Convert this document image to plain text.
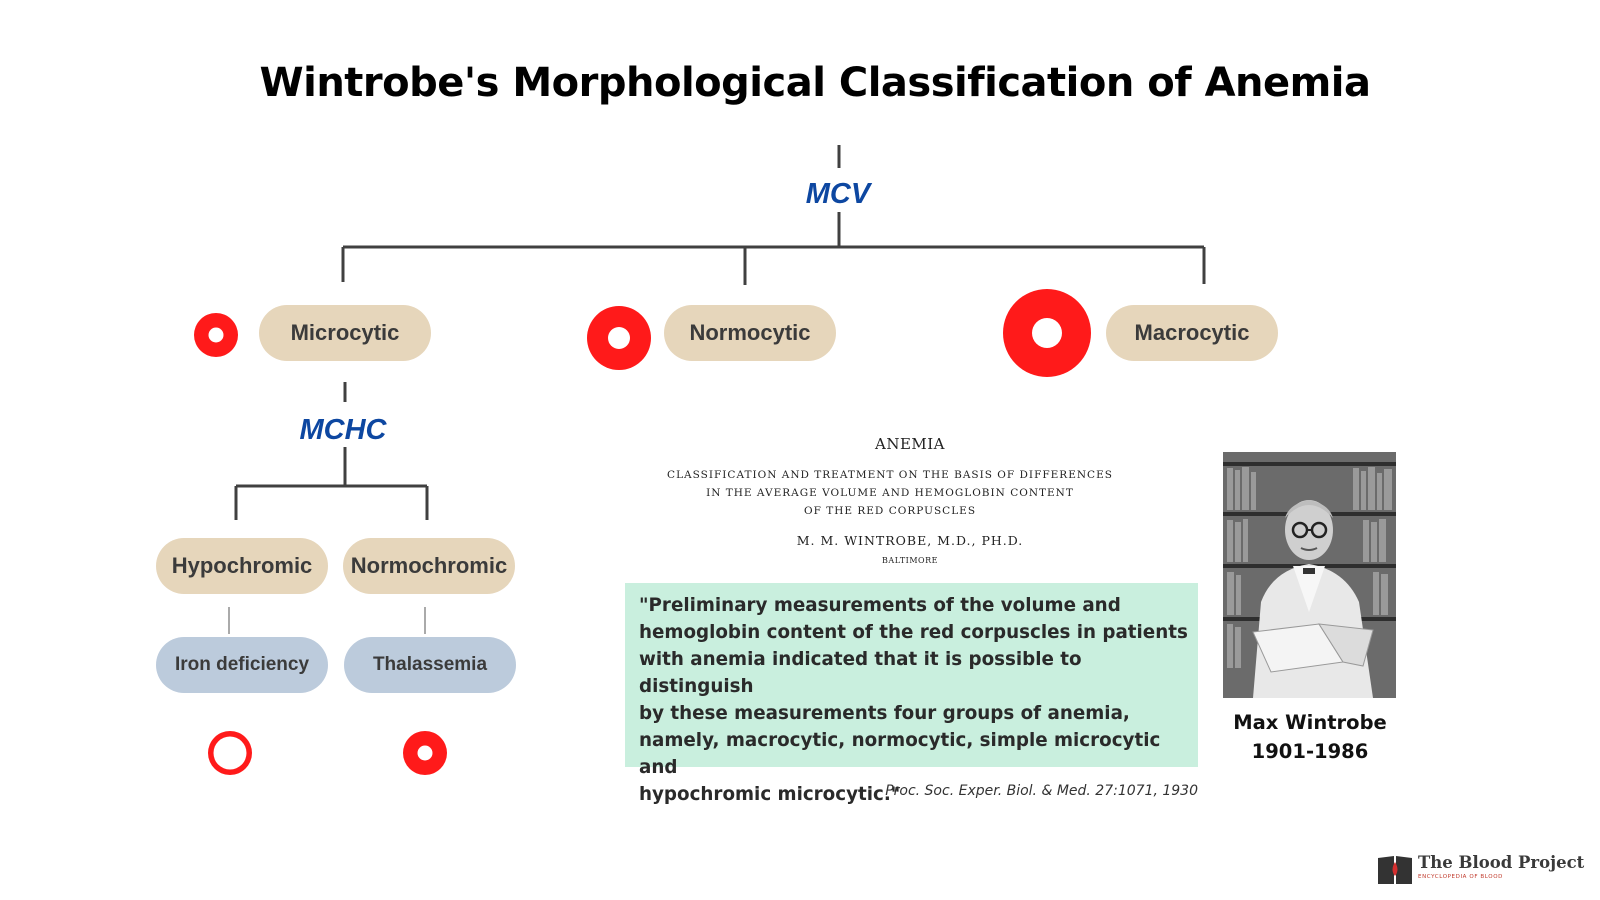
Wintrobe's Morphological Classification of Anemia
MCV
MCHC
Microcytic	Normocytic	Macrocytic
Hypochromic	Normochromic
Iron deficiency	Thalassemia
ANEMIA
CLASSIFICATION AND TREATMENT ON THE BASIS OF DIFFERENCES
IN THE AVERAGE VOLUME AND HEMOGLOBIN CONTENT
OF THE RED CORPUSCLES
M. M. WINTROBE, M.D., PH.D.
BALTIMORE
"Preliminary measurements of the volume and
hemoglobin content of the red corpuscles in patients
with anemia indicated that it is possible to distinguish
by these measurements four groups of anemia,
namely, macrocytic, normocytic, simple microcytic and
hypochromic microcytic."
Proc. Soc. Exper. Biol. & Med. 27:1071, 1930
Max Wintrobe
1901-1986
The Blood Project
ENCYCLOPEDIA OF BLOOD
